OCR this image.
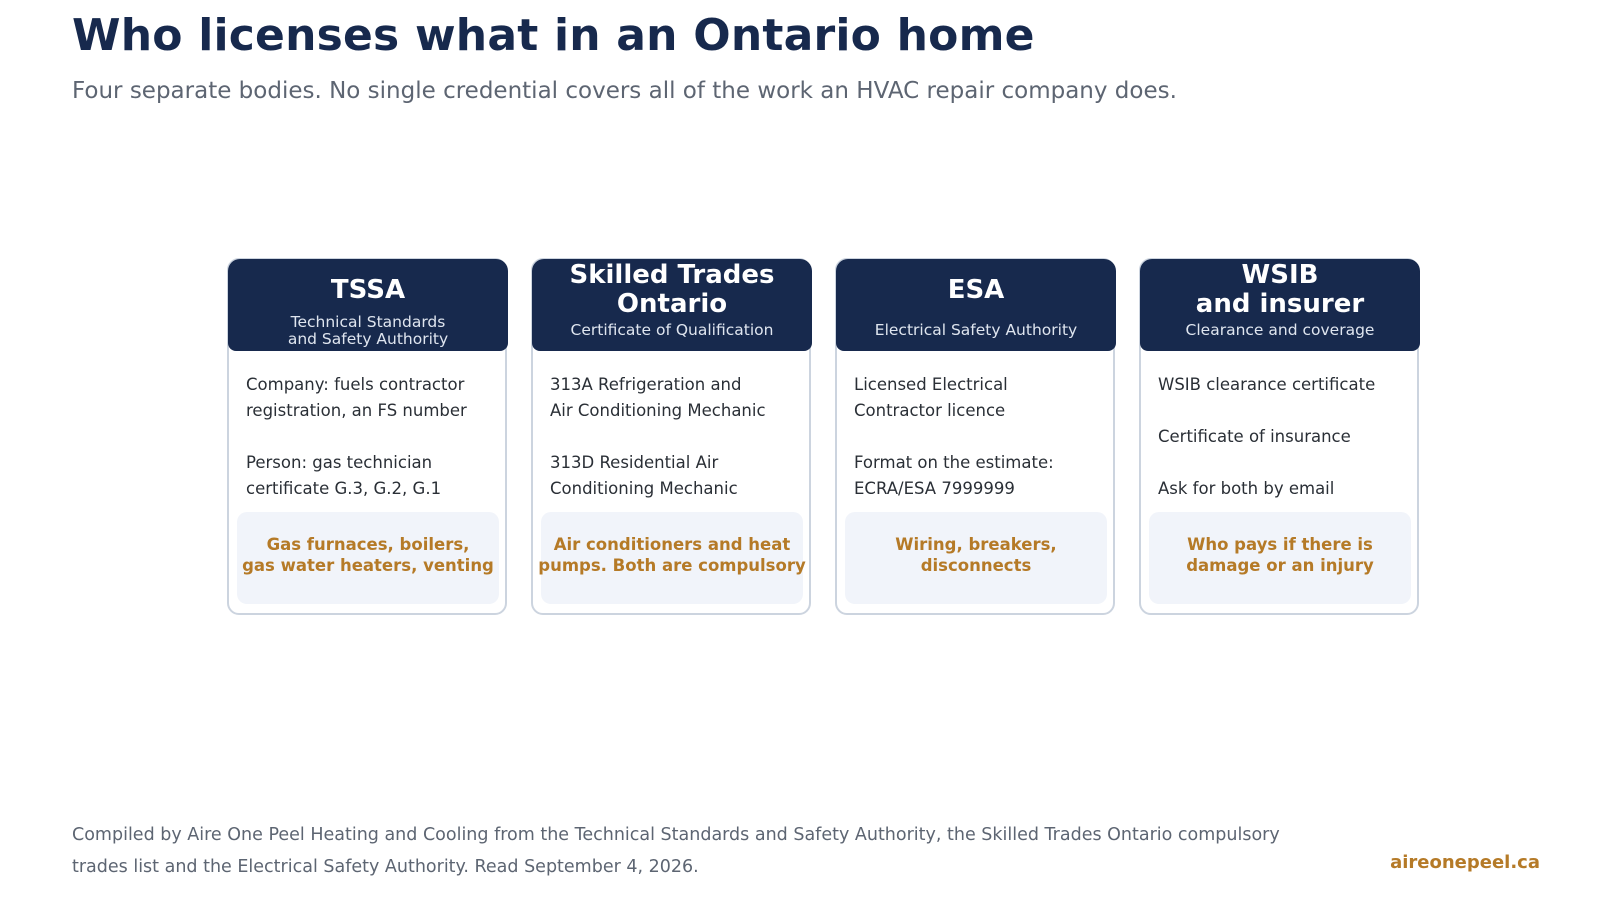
Who licenses what in an Ontario home

Four separate bodies. No single credential covers all of the work an HVAC repair company does.

TSSA
Technical Standards
and Safety Authority
Company: fuels contractor
registration, an FS number
Person: gas technician
certificate G.3, G.2, G.1
Gas furnaces, boilers,
gas water heaters, venting
Skilled Trades
Ontario
Certificate of Qualification
313A Refrigeration and
Air Conditioning Mechanic
313D Residential Air
Conditioning Mechanic
Air conditioners and heat
pumps. Both are compulsory
ESA
Electrical Safety Authority
Licensed Electrical
Contractor licence
Format on the estimate:
ECRA/ESA 7999999
Wiring, breakers,
disconnects
WSIB
and insurer
Clearance and coverage
WSIB clearance certificate
Certificate of insurance
Ask for both by email
Who pays if there is
damage or an injury

Compiled by Aire One Peel Heating and Cooling from the Technical Standards and Safety Authority, the Skilled Trades Ontario compulsory
trades list and the Electrical Safety Authority. Read September 4, 2026.	aireonepeel.ca
